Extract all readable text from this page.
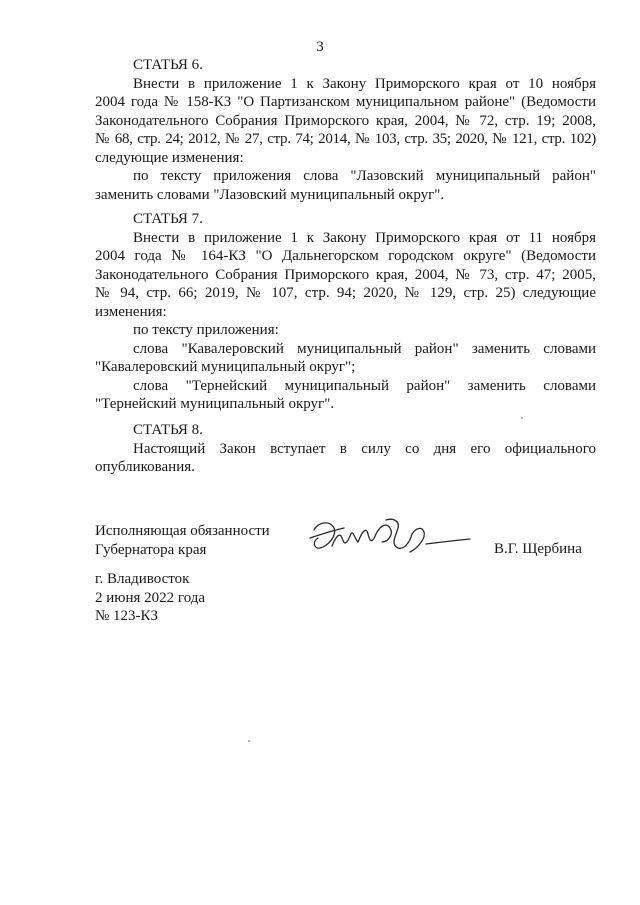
3
СТАТЬЯ 6.
Внести в приложение 1 к Закону Приморского края от 10 ноября
2004 года № 158-КЗ "О Партизанском муниципальном районе" (Ведомости
Законодательного Собрания Приморского края, 2004, № 72, стр. 19; 2008,
№ 68, стр. 24; 2012, № 27, стр. 74; 2014, № 103, стр. 35; 2020, № 121, стр. 102)
следующие изменения:
по тексту приложения слова "Лазовский муниципальный район"
заменить словами "Лазовский муниципальный округ".
СТАТЬЯ 7.
Внести в приложение 1 к Закону Приморского края от 11 ноября
2004 года № 164-КЗ "О Дальнегорском городском округе" (Ведомости
Законодательного Собрания Приморского края, 2004, № 73, стр. 47; 2005,
№ 94, стр. 66; 2019, № 107, стр. 94; 2020, № 129, стр. 25) следующие
изменения:
по тексту приложения:
слова "Кавалеровский муниципальный район" заменить словами
"Кавалеровский муниципальный округ";
слова "Тернейский муниципальный район" заменить словами
"Тернейский муниципальный округ".
СТАТЬЯ 8.
Настоящий Закон вступает в силу со дня его официального
опубликования.
Исполняющая обязанности
Губернатора края	В.Г. Щербина
г. Владивосток
2 июня 2022 года
№ 123-КЗ
